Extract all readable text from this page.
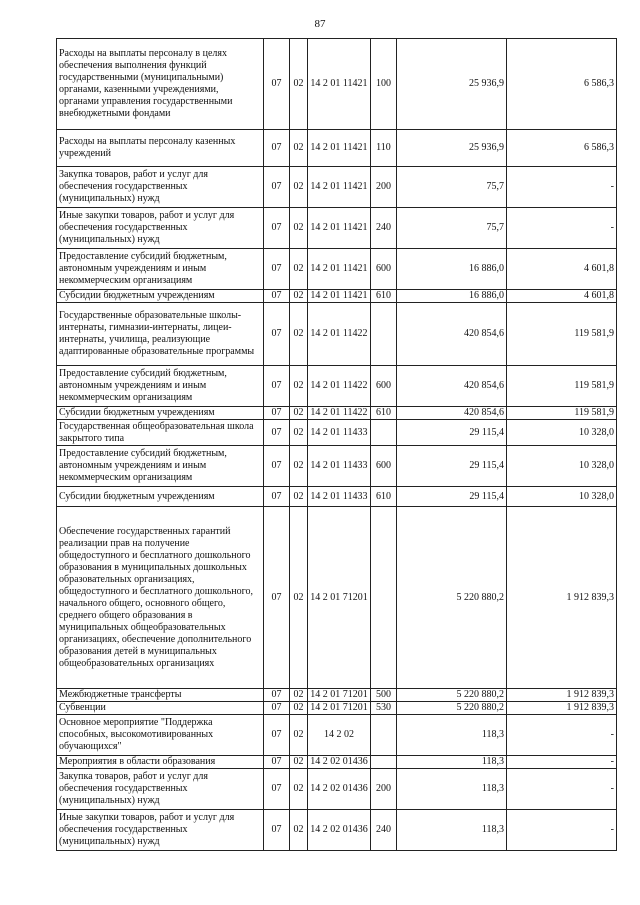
87
Расходы на выплаты персоналу в целях обеспечения выполнения функций государственными (муниципальными) органами, казенными учреждениями, органами управления государственными внебюджетными фондами	07	02	14 2 01 11421	100	25 936,9	6 586,3
Расходы на выплаты персоналу казенных учреждений	07	02	14 2 01 11421	110	25 936,9	6 586,3
Закупка товаров, работ и услуг для обеспечения государственных (муниципальных) нужд	07	02	14 2 01 11421	200	75,7	-
Иные закупки товаров, работ и услуг для обеспечения государственных (муниципальных) нужд	07	02	14 2 01 11421	240	75,7	-
Предоставление субсидий бюджетным, автономным учреждениям и иным некоммерческим организациям	07	02	14 2 01 11421	600	16 886,0	4 601,8
Субсидии бюджетным учреждениям	07	02	14 2 01 11421	610	16 886,0	4 601,8
Государственные образовательные школы-интернаты, гимназии-интернаты, лицеи-интернаты, училища, реализующие адаптированные образовательные программы	07	02	14 2 01 11422		420 854,6	119 581,9
Предоставление субсидий бюджетным, автономным учреждениям и иным некоммерческим организациям	07	02	14 2 01 11422	600	420 854,6	119 581,9
Субсидии бюджетным учреждениям	07	02	14 2 01 11422	610	420 854,6	119 581,9
Государственная общеобразовательная школа закрытого типа	07	02	14 2 01 11433		29 115,4	10 328,0
Предоставление субсидий бюджетным, автономным учреждениям и иным некоммерческим организациям	07	02	14 2 01 11433	600	29 115,4	10 328,0
Субсидии бюджетным учреждениям	07	02	14 2 01 11433	610	29 115,4	10 328,0
Обеспечение государственных гарантий реализации прав на получение общедоступного и бесплатного дошкольного образования в муниципальных дошкольных образовательных организациях, общедоступного и бесплатного дошкольного, начального общего, основного общего, среднего общего образования в муниципальных общеобразовательных организациях, обеспечение дополнительного образования детей в муниципальных общеобразовательных организациях	07	02	14 2 01 71201		5 220 880,2	1 912 839,3
Межбюджетные трансферты	07	02	14 2 01 71201	500	5 220 880,2	1 912 839,3
Субвенции	07	02	14 2 01 71201	530	5 220 880,2	1 912 839,3
Основное мероприятие "Поддержка способных, высокомотивированных обучающихся"	07	02	14 2 02		118,3	-
Мероприятия в области образования	07	02	14 2 02 01436		118,3	-
Закупка товаров, работ и услуг для обеспечения государственных (муниципальных) нужд	07	02	14 2 02 01436	200	118,3	-
Иные закупки товаров, работ и услуг для обеспечения государственных (муниципальных) нужд	07	02	14 2 02 01436	240	118,3	-
